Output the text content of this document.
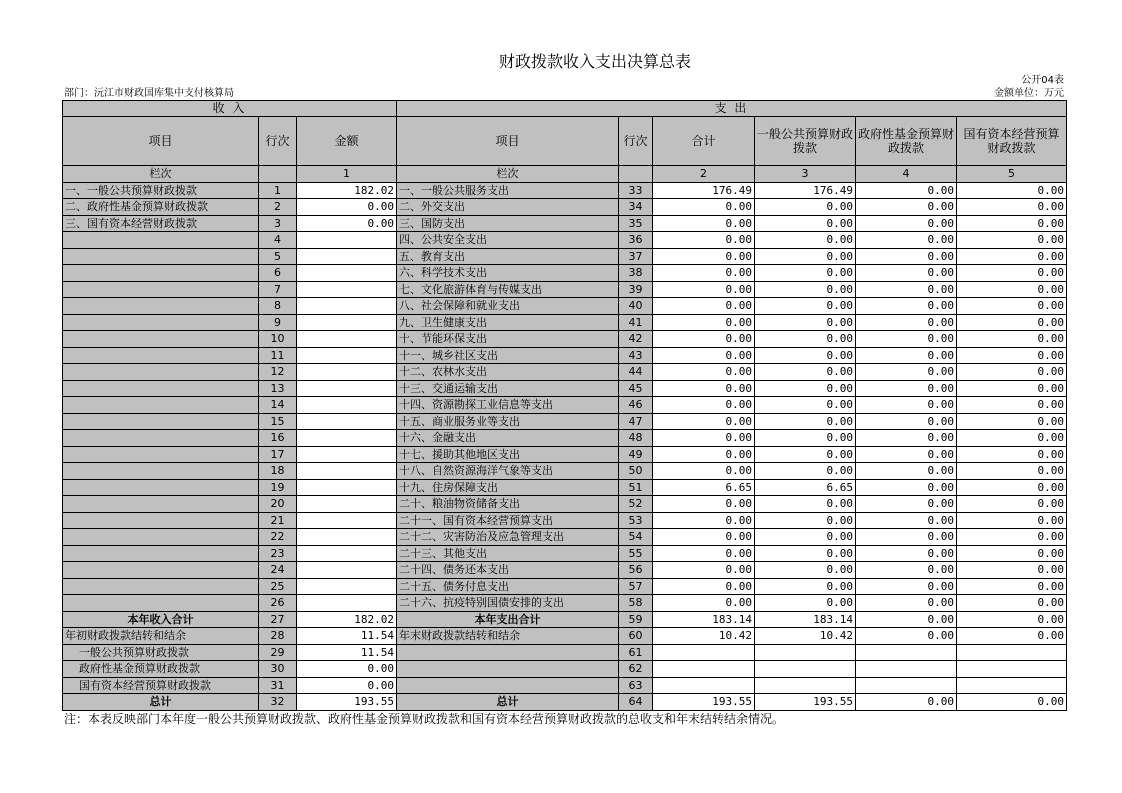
财政拨款收入支出决算总表
公开04表
部门：沅江市财政国库集中支付核算局	金额单位：万元
收 入			支 出					
项目	行次	金额	项目	行次	合计	一般公共预算财政拨款	政府性基金预算财政拨款	国有资本经营预算财政拨款
栏次		1	栏次		2	3	4	5
一、一般公共预算财政拨款	1	182.02	一、一般公共服务支出	33	176.49	176.49	0.00	0.00
二、政府性基金预算财政拨款	2	0.00	二、外交支出	34	0.00	0.00	0.00	0.00
三、国有资本经营财政拨款	3	0.00	三、国防支出	35	0.00	0.00	0.00	0.00
	4		四、公共安全支出	36	0.00	0.00	0.00	0.00
	5		五、教育支出	37	0.00	0.00	0.00	0.00
	6		六、科学技术支出	38	0.00	0.00	0.00	0.00
	7		七、文化旅游体育与传媒支出	39	0.00	0.00	0.00	0.00
	8		八、社会保障和就业支出	40	0.00	0.00	0.00	0.00
	9		九、卫生健康支出	41	0.00	0.00	0.00	0.00
	10		十、节能环保支出	42	0.00	0.00	0.00	0.00
	11		十一、城乡社区支出	43	0.00	0.00	0.00	0.00
	12		十二、农林水支出	44	0.00	0.00	0.00	0.00
	13		十三、交通运输支出	45	0.00	0.00	0.00	0.00
	14		十四、资源勘探工业信息等支出	46	0.00	0.00	0.00	0.00
	15		十五、商业服务业等支出	47	0.00	0.00	0.00	0.00
	16		十六、金融支出	48	0.00	0.00	0.00	0.00
	17		十七、援助其他地区支出	49	0.00	0.00	0.00	0.00
	18		十八、自然资源海洋气象等支出	50	0.00	0.00	0.00	0.00
	19		十九、住房保障支出	51	6.65	6.65	0.00	0.00
	20		二十、粮油物资储备支出	52	0.00	0.00	0.00	0.00
	21		二十一、国有资本经营预算支出	53	0.00	0.00	0.00	0.00
	22		二十二、灾害防治及应急管理支出	54	0.00	0.00	0.00	0.00
	23		二十三、其他支出	55	0.00	0.00	0.00	0.00
	24		二十四、债务还本支出	56	0.00	0.00	0.00	0.00
	25		二十五、债务付息支出	57	0.00	0.00	0.00	0.00
	26		二十六、抗疫特别国债安排的支出	58	0.00	0.00	0.00	0.00
本年收入合计	27	182.02	本年支出合计	59	183.14	183.14	0.00	0.00
年初财政拨款结转和结余	28	11.54	年末财政拨款结转和结余	60	10.42	10.42	0.00	0.00
一般公共预算财政拨款	29	11.54		61				
政府性基金预算财政拨款	30	0.00		62				
国有资本经营预算财政拨款	31	0.00		63				
总计	32	193.55	总计	64	193.55	193.55	0.00	0.00
注：本表反映部门本年度一般公共预算财政拨款、政府性基金预算财政拨款和国有资本经营预算财政拨款的总收支和年末结转结余情况。
